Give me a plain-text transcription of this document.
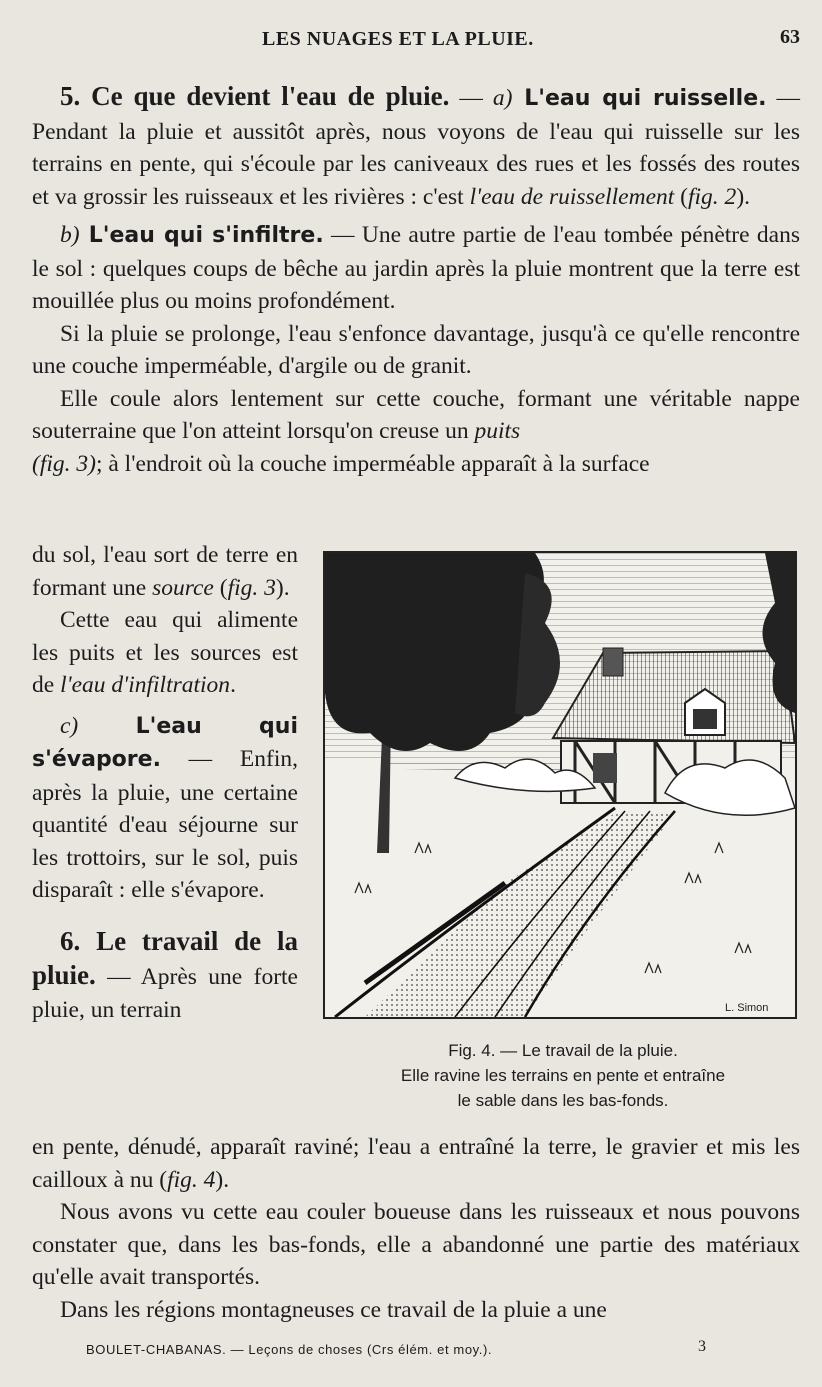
LES NUAGES ET LA PLUIE.	63

5. Ce que devient l'eau de pluie. — a) L'eau qui ruisselle. — Pendant la pluie et aussitôt après, nous voyons de l'eau qui ruisselle sur les terrains en pente, qui s'écoule par les caniveaux des rues et les fossés des routes et va grossir les ruisseaux et les rivières : c'est l'eau de ruissellement (fig. 2).

b) L'eau qui s'infiltre. — Une autre partie de l'eau tombée pénètre dans le sol : quelques coups de bêche au jardin après la pluie montrent que la terre est mouillée plus ou moins profondément.

Si la pluie se prolonge, l'eau s'enfonce davantage, jusqu'à ce qu'elle rencontre une couche imperméable, d'argile ou de granit.

Elle coule alors lentement sur cette couche, formant une véritable nappe souterraine que l'on atteint lorsqu'on creuse un puits
(fig. 3); à l'endroit où la couche imperméable apparaît à la surface

du sol, l'eau sort de terre en formant une source (fig. 3).

Cette eau qui alimente les puits et les sources est de l'eau d'infiltration.

c) L'eau qui s'évapore. — Enfin, après la pluie, une certaine quantité d'eau séjourne sur les trottoirs, sur le sol, puis disparaît : elle s'évapore.

6. Le travail de la pluie. — Après une forte pluie, un terrain	L. Simon
Fig. 4. — Le travail de la pluie.
Elle ravine les terrains en pente et entraîne
le sable dans les bas-fonds.

en pente, dénudé, apparaît raviné; l'eau a entraîné la terre, le gravier et mis les cailloux à nu (fig. 4).

Nous avons vu cette eau couler boueuse dans les ruisseaux et nous pouvons constater que, dans les bas-fonds, elle a abandonné une partie des matériaux qu'elle avait transportés.

Dans les régions montagneuses ce travail de la pluie a une

BOULET-CHABANAS. — Leçons de choses (Crs élém. et moy.).	3
